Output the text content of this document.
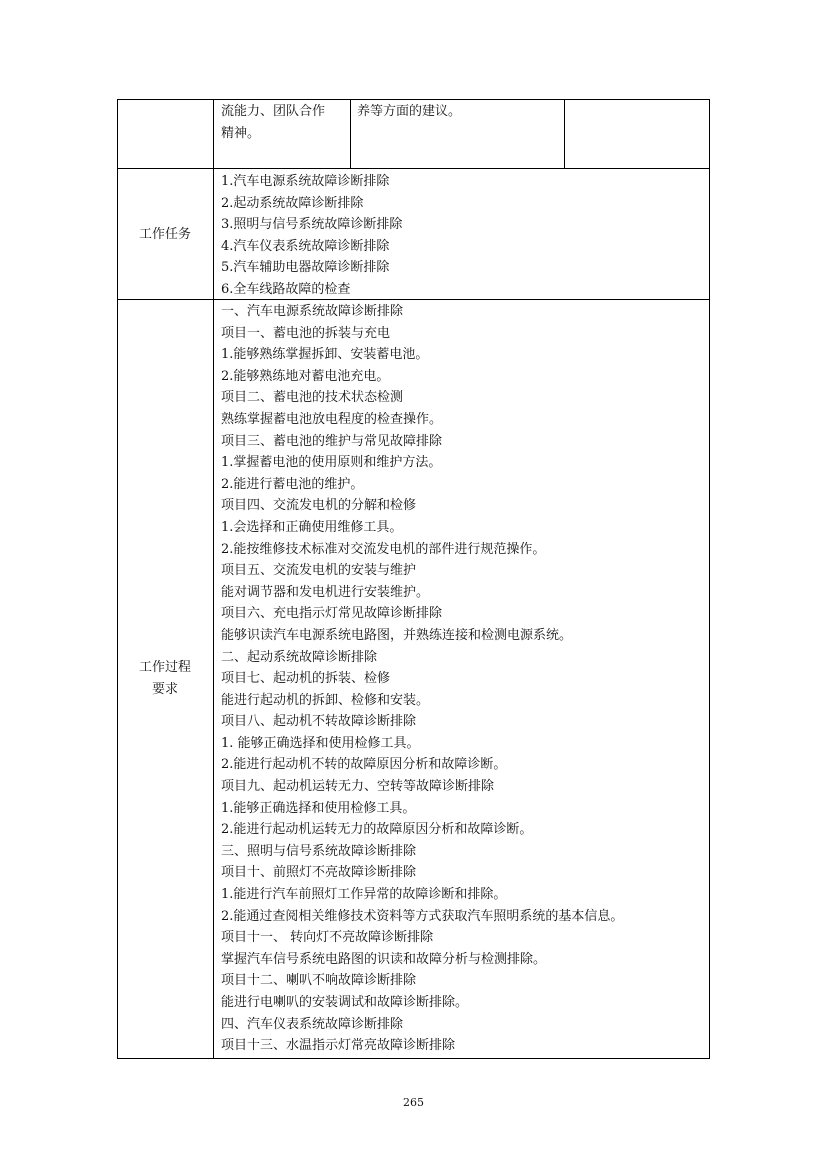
流能力、团队合作
精神。
养等方面的建议。
工作任务
1.汽车电源系统故障诊断排除
2.起动系统故障诊断排除
3.照明与信号系统故障诊断排除
4.汽车仪表系统故障诊断排除
5.汽车辅助电器故障诊断排除
6.全车线路故障的检查
工作过程
要求
一、汽车电源系统故障诊断排除
项目一、蓄电池的拆装与充电
1.能够熟练掌握拆卸、安装蓄电池。
2.能够熟练地对蓄电池充电。
项目二、蓄电池的技术状态检测
熟练掌握蓄电池放电程度的检查操作。
项目三、蓄电池的维护与常见故障排除
1.掌握蓄电池的使用原则和维护方法。
2.能进行蓄电池的维护。
项目四、交流发电机的分解和检修
1.会选择和正确使用维修工具。
2.能按维修技术标准对交流发电机的部件进行规范操作。
项目五、交流发电机的安装与维护
能对调节器和发电机进行安装维护。
项目六、充电指示灯常见故障诊断排除
能够识读汽车电源系统电路图，并熟练连接和检测电源系统。
二、起动系统故障诊断排除
项目七、起动机的拆装、检修
能进行起动机的拆卸、检修和安装。
项目八、起动机不转故障诊断排除
1. 能够正确选择和使用检修工具。
2.能进行起动机不转的故障原因分析和故障诊断。
项目九、起动机运转无力、空转等故障诊断排除
1.能够正确选择和使用检修工具。
2.能进行起动机运转无力的故障原因分析和故障诊断。
三、照明与信号系统故障诊断排除
项目十、前照灯不亮故障诊断排除
1.能进行汽车前照灯工作异常的故障诊断和排除。
2.能通过查阅相关维修技术资料等方式获取汽车照明系统的基本信息。
项目十一、 转向灯不亮故障诊断排除
掌握汽车信号系统电路图的识读和故障分析与检测排除。
项目十二、喇叭不响故障诊断排除
能进行电喇叭的安装调试和故障诊断排除。
四、汽车仪表系统故障诊断排除
项目十三、水温指示灯常亮故障诊断排除
265
